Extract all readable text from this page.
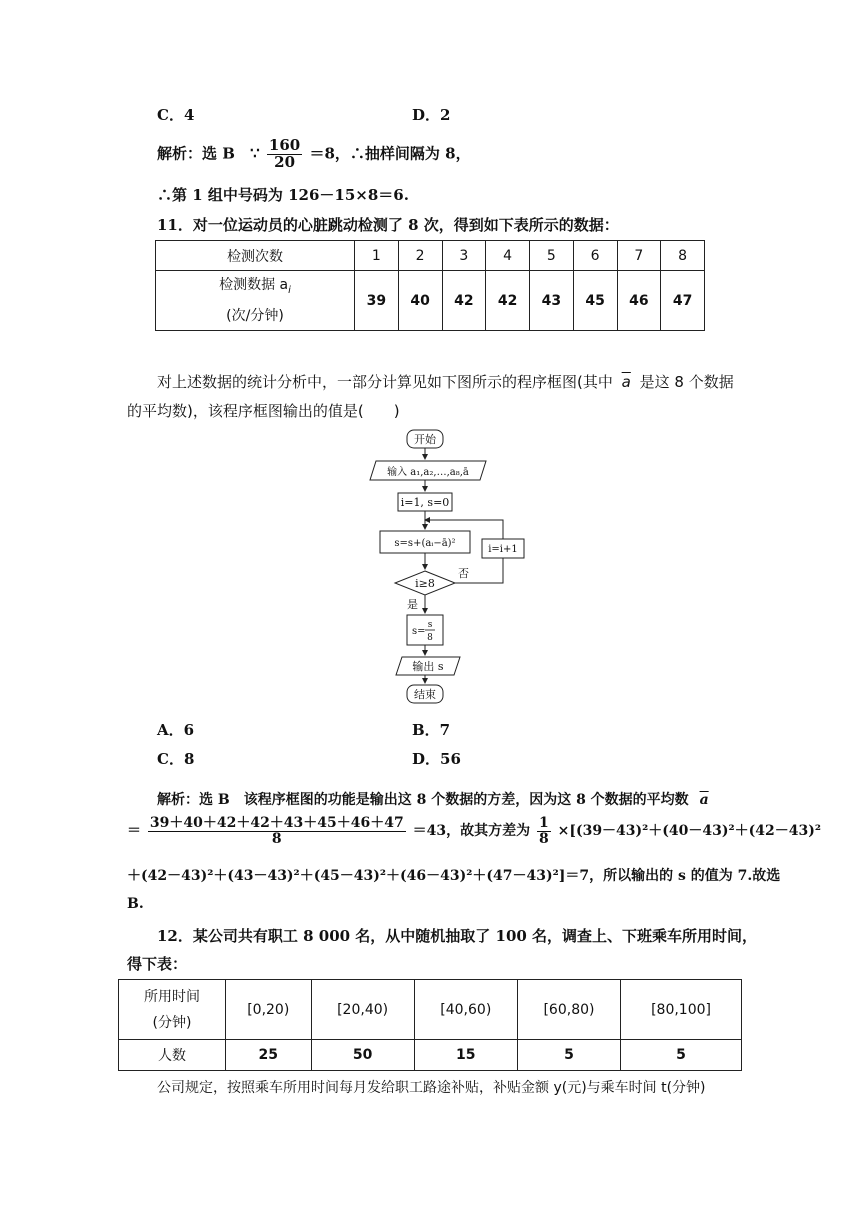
C．4	D．2
解析：选 B ∵ $\frac{160}{20} =8$，∴抽样间隔为 8，
∴第 1 组中号码为 126－15×8＝6.
11．对一位运动员的心脏跳动检测了 8 次，得到如下表所示的数据：
检测次数	1	2	3	4	5	6	7	8
检测数据 $a_i$
(次/分钟)	39	40	42	42	43	45	46	47
对上述数据的统计分析中，一部分计算见如下图所示的程序框图(其中 $\overline{a}$ 是这 8 个数据
的平均数)，该程序框图输出的值是(　　)
开始
输入 a₁,a₂,…,a₈,ā
i=1, s=0
s=s+(aᵢ−ā)²
i=i+1
i≥8
否
是
s=
s
8
输出 s
结束
A．6	B．7
C．8	D．56
解析：选 B　该程序框图的功能是输出这 8 个数据的方差，因为这 8 个数据的平均数 $\overline{a}$
＝ $\frac{39+40+42+42+43+45+46+47}{8} =43$，故其方差为 $\frac{1}{8} \times[(39-43)^2+(40-43)^2+(42-43)^2$
＋(42－43)²＋(43－43)²＋(45－43)²＋(46－43)²＋(47－43)²]＝7，所以输出的 s 的值为 7.故选
B.
12．某公司共有职工 8 000 名，从中随机抽取了 100 名，调查上、下班乘车所用时间，
得下表：
所用时间
(分钟)	[0,20)	[20,40)	[40,60)	[60,80)	[80,100]
人数	25	50	15	5	5
公司规定，按照乘车所用时间每月发给职工路途补贴，补贴金额 y(元)与乘车时间 t(分钟)
